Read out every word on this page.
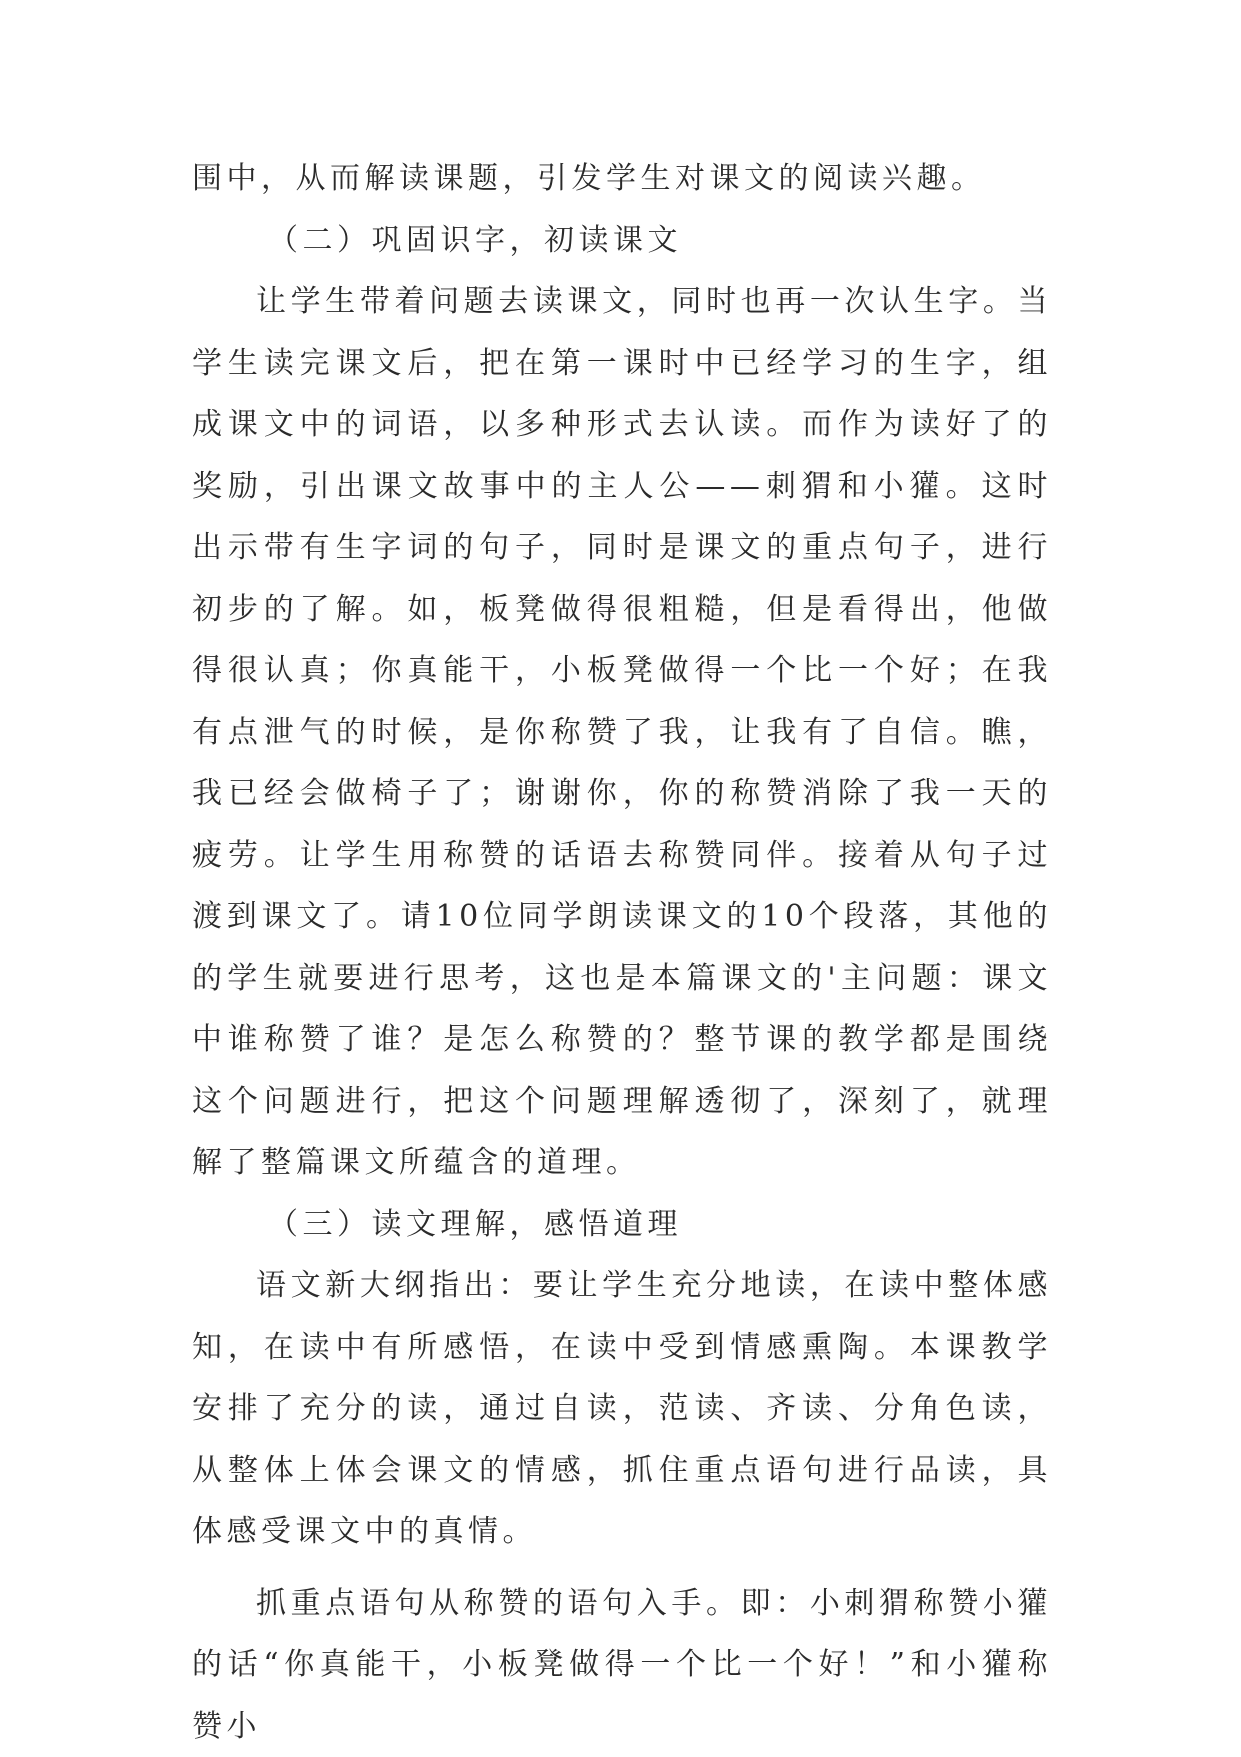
围中，从而解读课题，引发学生对课文的阅读兴趣。

（二）巩固识字，初读课文

让学生带着问题去读课文，同时也再一次认生字。当学生读完课文后，把在第一课时中已经学习的生字，组成课文中的词语，以多种形式去认读。而作为读好了的奖励，引出课文故事中的主人公——刺猬和小獾。这时出示带有生字词的句子，同时是课文的重点句子，进行初步的了解。如，板凳做得很粗糙，但是看得出，他做得很认真；你真能干，小板凳做得一个比一个好；在我有点泄气的时候，是你称赞了我，让我有了自信。瞧，我已经会做椅子了；谢谢你，你的称赞消除了我一天的疲劳。让学生用称赞的话语去称赞同伴。接着从句子过渡到课文了。请10位同学朗读课文的10个段落，其他的的学生就要进行思考，这也是本篇课文的'主问题：课文中谁称赞了谁？是怎么称赞的？整节课的教学都是围绕这个问题进行，把这个问题理解透彻了，深刻了，就理解了整篇课文所蕴含的道理。

（三）读文理解，感悟道理

语文新大纲指出：要让学生充分地读，在读中整体感知，在读中有所感悟，在读中受到情感熏陶。本课教学安排了充分的读，通过自读，范读、齐读、分角色读，从整体上体会课文的情感，抓住重点语句进行品读，具体感受课文中的真情。

抓重点语句从称赞的语句入手。即：小刺猬称赞小獾的话“你真能干，小板凳做得一个比一个好！”和小獾称赞小
